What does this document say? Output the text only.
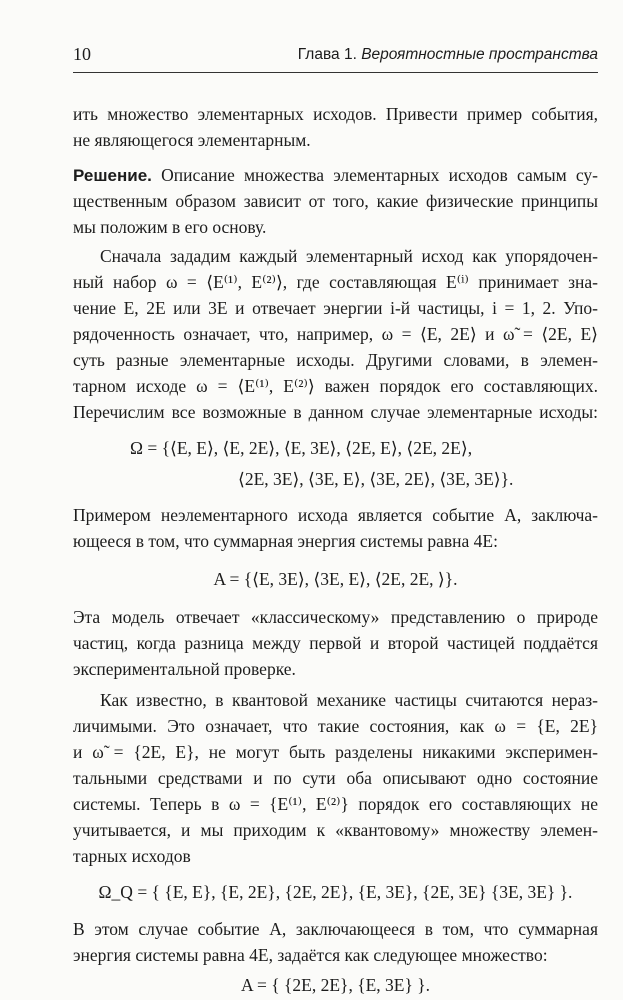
10	Глава 1. Вероятностные пространства
ить множество элементарных исходов. Привести пример события,
не являющегося элементарным.
Решение. Описание множества элементарных исходов самым су-
щественным образом зависит от того, какие физические принципы
мы положим в его основу.
Сначала зададим каждый элементарный исход как упорядочен-
ный набор ω = ⟨E⁽¹⁾, E⁽²⁾⟩, где составляющая E⁽ⁱ⁾ принимает зна-
чение E, 2E или 3E и отвечает энергии i-й частицы, i = 1, 2. Упо-
рядоченность означает, что, например, ω = ⟨E, 2E⟩ и ω̃ = ⟨2E, E⟩
суть разные элементарные исходы. Другими словами, в элемен-
тарном исходе ω = ⟨E⁽¹⁾, E⁽²⁾⟩ важен порядок его составляющих.
Перечислим все возможные в данном случае элементарные исходы:
Ω = {⟨E, E⟩, ⟨E, 2E⟩, ⟨E, 3E⟩, ⟨2E, E⟩, ⟨2E, 2E⟩,
⟨2E, 3E⟩, ⟨3E, E⟩, ⟨3E, 2E⟩, ⟨3E, 3E⟩}.
Примером неэлементарного исхода является событие A, заключа-
ющееся в том, что суммарная энергия системы равна 4E:
A = {⟨E, 3E⟩, ⟨3E, E⟩, ⟨2E, 2E, ⟩}.
Эта модель отвечает «классическому» представлению о природе
частиц, когда разница между первой и второй частицей поддаётся
экспериментальной проверке.
Как известно, в квантовой механике частицы считаются нераз-
личимыми. Это означает, что такие состояния, как ω = {E, 2E}
и ω̃ = {2E, E}, не могут быть разделены никакими эксперимен-
тальными средствами и по сути оба описывают одно состояние
системы. Теперь в ω = {E⁽¹⁾, E⁽²⁾} порядок его составляющих не
учитывается, и мы приходим к «квантовому» множеству элемен-
тарных исходов
Ω_Q = { {E, E}, {E, 2E}, {2E, 2E}, {E, 3E}, {2E, 3E} {3E, 3E} }.
В этом случае событие A, заключающееся в том, что суммарная
энергия системы равна 4E, задаётся как следующее множество:
A = { {2E, 2E}, {E, 3E} }.
